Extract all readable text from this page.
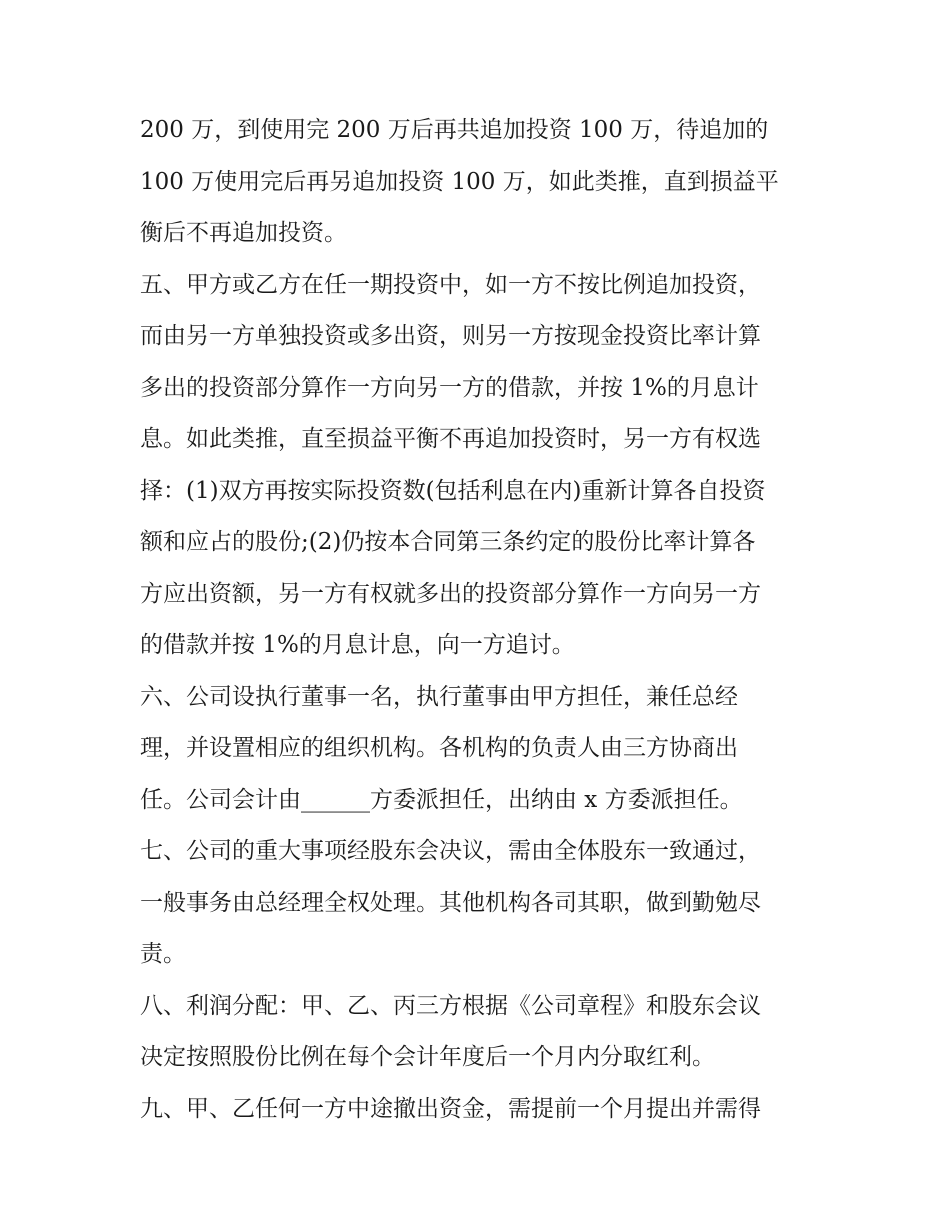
200 万，到使用完 200 万后再共追加投资 100 万，待追加的
100 万使用完后再另追加投资 100 万，如此类推，直到损益平
衡后不再追加投资。
五、甲方或乙方在任一期投资中，如一方不按比例追加投资，
而由另一方单独投资或多出资，则另一方按现金投资比率计算
多出的投资部分算作一方向另一方的借款，并按 1%的月息计
息。如此类推，直至损益平衡不再追加投资时，另一方有权选
择：(1)双方再按实际投资数(包括利息在内)重新计算各自投资
额和应占的股份;(2)仍按本合同第三条约定的股份比率计算各
方应出资额，另一方有权就多出的投资部分算作一方向另一方
的借款并按 1%的月息计息，向一方追讨。
六、公司设执行董事一名，执行董事由甲方担任，兼任总经
理，并设置相应的组织机构。各机构的负责人由三方协商出
任。公司会计由______方委派担任，出纳由 x 方委派担任。
七、公司的重大事项经股东会决议，需由全体股东一致通过，
一般事务由总经理全权处理。其他机构各司其职，做到勤勉尽
责。
八、利润分配：甲、乙、丙三方根据《公司章程》和股东会议
决定按照股份比例在每个会计年度后一个月内分取红利。
九、甲、乙任何一方中途撤出资金，需提前一个月提出并需得
